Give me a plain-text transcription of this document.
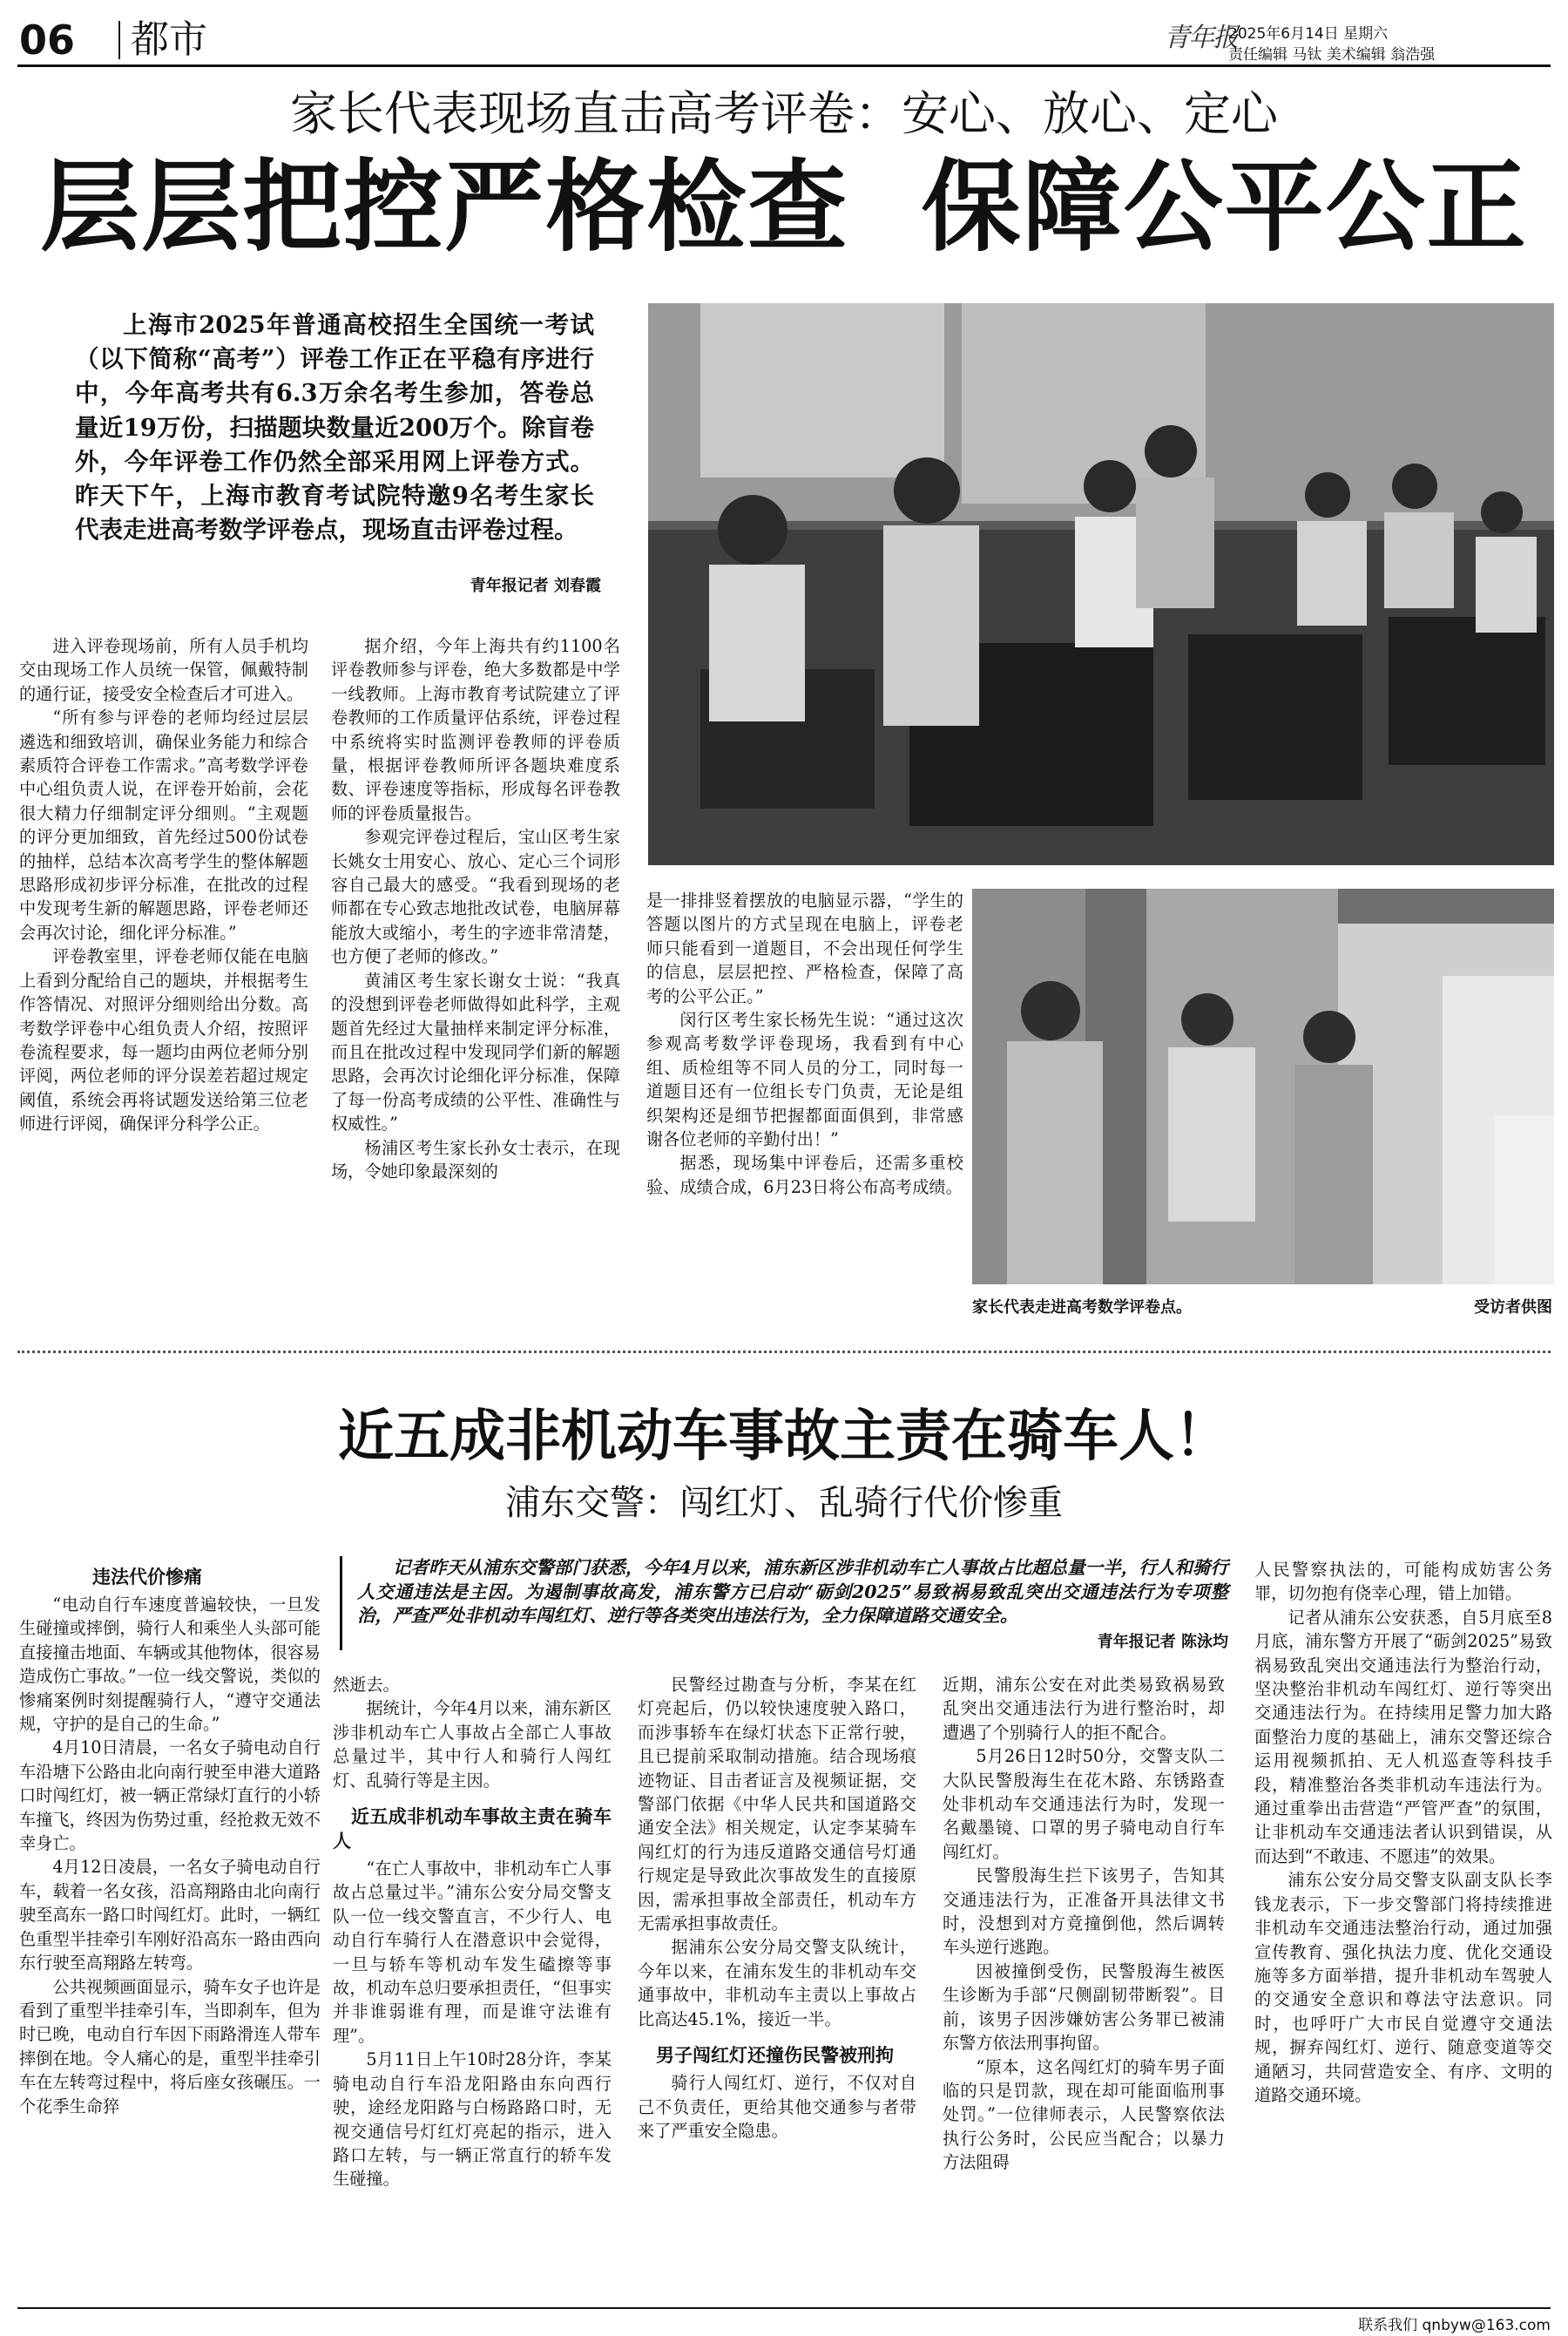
06 都市	青年报
2025年6月14日 星期六
责任编辑 马钛 美术编辑 翁浩强
家长代表现场直击高考评卷：安心、放心、定心
层层把控严格检查  保障公平公正
上海市2025年普通高校招生全国统一考试（以下简称“高考”）评卷工作正在平稳有序进行中，今年高考共有6.3万余名考生参加，答卷总量近19万份，扫描题块数量近200万个。除盲卷外，今年评卷工作仍然全部采用网上评卷方式。昨天下午，上海市教育考试院特邀9名考生家长代表走进高考数学评卷点，现场直击评卷过程。
青年报记者 刘春霞

进入评卷现场前，所有人员手机均交由现场工作人员统一保管，佩戴特制的通行证，接受安全检查后才可进入。

“所有参与评卷的老师均经过层层遴选和细致培训，确保业务能力和综合素质符合评卷工作需求。”高考数学评卷中心组负责人说，在评卷开始前，会花很大精力仔细制定评分细则。“主观题的评分更加细致，首先经过500份试卷的抽样，总结本次高考学生的整体解题思路形成初步评分标准，在批改的过程中发现考生新的解题思路，评卷老师还会再次讨论，细化评分标准。”

评卷教室里，评卷老师仅能在电脑上看到分配给自己的题块，并根据考生作答情况、对照评分细则给出分数。高考数学评卷中心组负责人介绍，按照评卷流程要求，每一题均由两位老师分别评阅，两位老师的评分误差若超过规定阈值，系统会再将试题发送给第三位老师进行评阅，确保评分科学公正。

据介绍，今年上海共有约1100名评卷教师参与评卷，绝大多数都是中学一线教师。上海市教育考试院建立了评卷教师的工作质量评估系统，评卷过程中系统将实时监测评卷教师的评卷质量，根据评卷教师所评各题块难度系数、评卷速度等指标，形成每名评卷教师的评卷质量报告。

参观完评卷过程后，宝山区考生家长姚女士用安心、放心、定心三个词形容自己最大的感受。“我看到现场的老师都在专心致志地批改试卷，电脑屏幕能放大或缩小，考生的字迹非常清楚，也方便了老师的修改。”

黄浦区考生家长谢女士说：“我真的没想到评卷老师做得如此科学，主观题首先经过大量抽样来制定评分标准，而且在批改过程中发现同学们新的解题思路，会再次讨论细化评分标准，保障了每一份高考成绩的公平性、准确性与权威性。”

杨浦区考生家长孙女士表示，在现场，令她印象最深刻的

是一排排竖着摆放的电脑显示器，“学生的答题以图片的方式呈现在电脑上，评卷老师只能看到一道题目，不会出现任何学生的信息，层层把控、严格检查，保障了高考的公平公正。”

闵行区考生家长杨先生说：“通过这次参观高考数学评卷现场，我看到有中心组、质检组等不同人员的分工，同时每一道题目还有一位组长专门负责，无论是组织架构还是细节把握都面面俱到，非常感谢各位老师的辛勤付出！”

据悉，现场集中评卷后，还需多重校验、成绩合成，6月23日将公布高考成绩。

家长代表走进高考数学评卷点。	受访者供图
近五成非机动车事故主责在骑车人！
浦东交警：闯红灯、乱骑行代价惨重
记者昨天从浦东交警部门获悉，今年4月以来，浦东新区涉非机动车亡人事故占比超总量一半，行人和骑行人交通违法是主因。为遏制事故高发，浦东警方已启动“砺剑2025”易致祸易致乱突出交通违法行为专项整治，严查严处非机动车闯红灯、逆行等各类突出违法行为，全力保障道路交通安全。
青年报记者 陈泳均

违法代价惨痛

“电动自行车速度普遍较快，一旦发生碰撞或摔倒，骑行人和乘坐人头部可能直接撞击地面、车辆或其他物体，很容易造成伤亡事故。”一位一线交警说，类似的惨痛案例时刻提醒骑行人，“遵守交通法规，守护的是自己的生命。”

4月10日清晨，一名女子骑电动自行车沿塘下公路由北向南行驶至申港大道路口时闯红灯，被一辆正常绿灯直行的小轿车撞飞，终因为伤势过重，经抢救无效不幸身亡。

4月12日凌晨，一名女子骑电动自行车，载着一名女孩，沿高翔路由北向南行驶至高东一路口时闯红灯。此时，一辆红色重型半挂牵引车刚好沿高东一路由西向东行驶至高翔路左转弯。

公共视频画面显示，骑车女子也许是看到了重型半挂牵引车，当即刹车，但为时已晚，电动自行车因下雨路滑连人带车摔倒在地。令人痛心的是，重型半挂牵引车在左转弯过程中，将后座女孩碾压。一个花季生命猝

然逝去。

据统计，今年4月以来，浦东新区涉非机动车亡人事故占全部亡人事故总量过半，其中行人和骑行人闯红灯、乱骑行等是主因。

近五成非机动车事故主责在骑车人

“在亡人事故中，非机动车亡人事故占总量过半。”浦东公安分局交警支队一位一线交警直言，不少行人、电动自行车骑行人在潜意识中会觉得，一旦与轿车等机动车发生磕擦等事故，机动车总归要承担责任，“但事实并非谁弱谁有理，而是谁守法谁有理”。

5月11日上午10时28分许，李某骑电动自行车沿龙阳路由东向西行驶，途经龙阳路与白杨路路口时，无视交通信号灯红灯亮起的指示，进入路口左转，与一辆正常直行的轿车发生碰撞。

民警经过勘查与分析，李某在红灯亮起后，仍以较快速度驶入路口，而涉事轿车在绿灯状态下正常行驶，且已提前采取制动措施。结合现场痕迹物证、目击者证言及视频证据，交警部门依据《中华人民共和国道路交通安全法》相关规定，认定李某骑车闯红灯的行为违反道路交通信号灯通行规定是导致此次事故发生的直接原因，需承担事故全部责任，机动车方无需承担事故责任。

据浦东公安分局交警支队统计，今年以来，在浦东发生的非机动车交通事故中，非机动车主责以上事故占比高达45.1%，接近一半。

男子闯红灯还撞伤民警被刑拘

骑行人闯红灯、逆行，不仅对自己不负责任，更给其他交通参与者带来了严重安全隐患。

近期，浦东公安在对此类易致祸易致乱突出交通违法行为进行整治时，却遭遇了个别骑行人的拒不配合。

5月26日12时50分，交警支队二大队民警殷海生在花木路、东锈路查处非机动车交通违法行为时，发现一名戴墨镜、口罩的男子骑电动自行车闯红灯。

民警殷海生拦下该男子，告知其交通违法行为，正准备开具法律文书时，没想到对方竟撞倒他，然后调转车头逆行逃跑。

因被撞倒受伤，民警殷海生被医生诊断为手部“尺侧副韧带断裂”。目前，该男子因涉嫌妨害公务罪已被浦东警方依法刑事拘留。

“原本，这名闯红灯的骑车男子面临的只是罚款，现在却可能面临刑事处罚。”一位律师表示，人民警察依法执行公务时，公民应当配合；以暴力方法阻碍

人民警察执法的，可能构成妨害公务罪，切勿抱有侥幸心理，错上加错。

记者从浦东公安获悉，自5月底至8月底，浦东警方开展了“砺剑2025”易致祸易致乱突出交通违法行为整治行动，坚决整治非机动车闯红灯、逆行等突出交通违法行为。在持续用足警力加大路面整治力度的基础上，浦东交警还综合运用视频抓拍、无人机巡查等科技手段，精准整治各类非机动车违法行为。通过重拳出击营造“严管严查”的氛围，让非机动车交通违法者认识到错误，从而达到“不敢违、不愿违”的效果。

浦东公安分局交警支队副支队长李钱龙表示，下一步交警部门将持续推进非机动车交通违法整治行动，通过加强宣传教育、强化执法力度、优化交通设施等多方面举措，提升非机动车驾驶人的交通安全意识和尊法守法意识。同时，也呼吁广大市民自觉遵守交通法规，摒弃闯红灯、逆行、随意变道等交通陋习，共同营造安全、有序、文明的道路交通环境。

联系我们 qnbyw@163.com
